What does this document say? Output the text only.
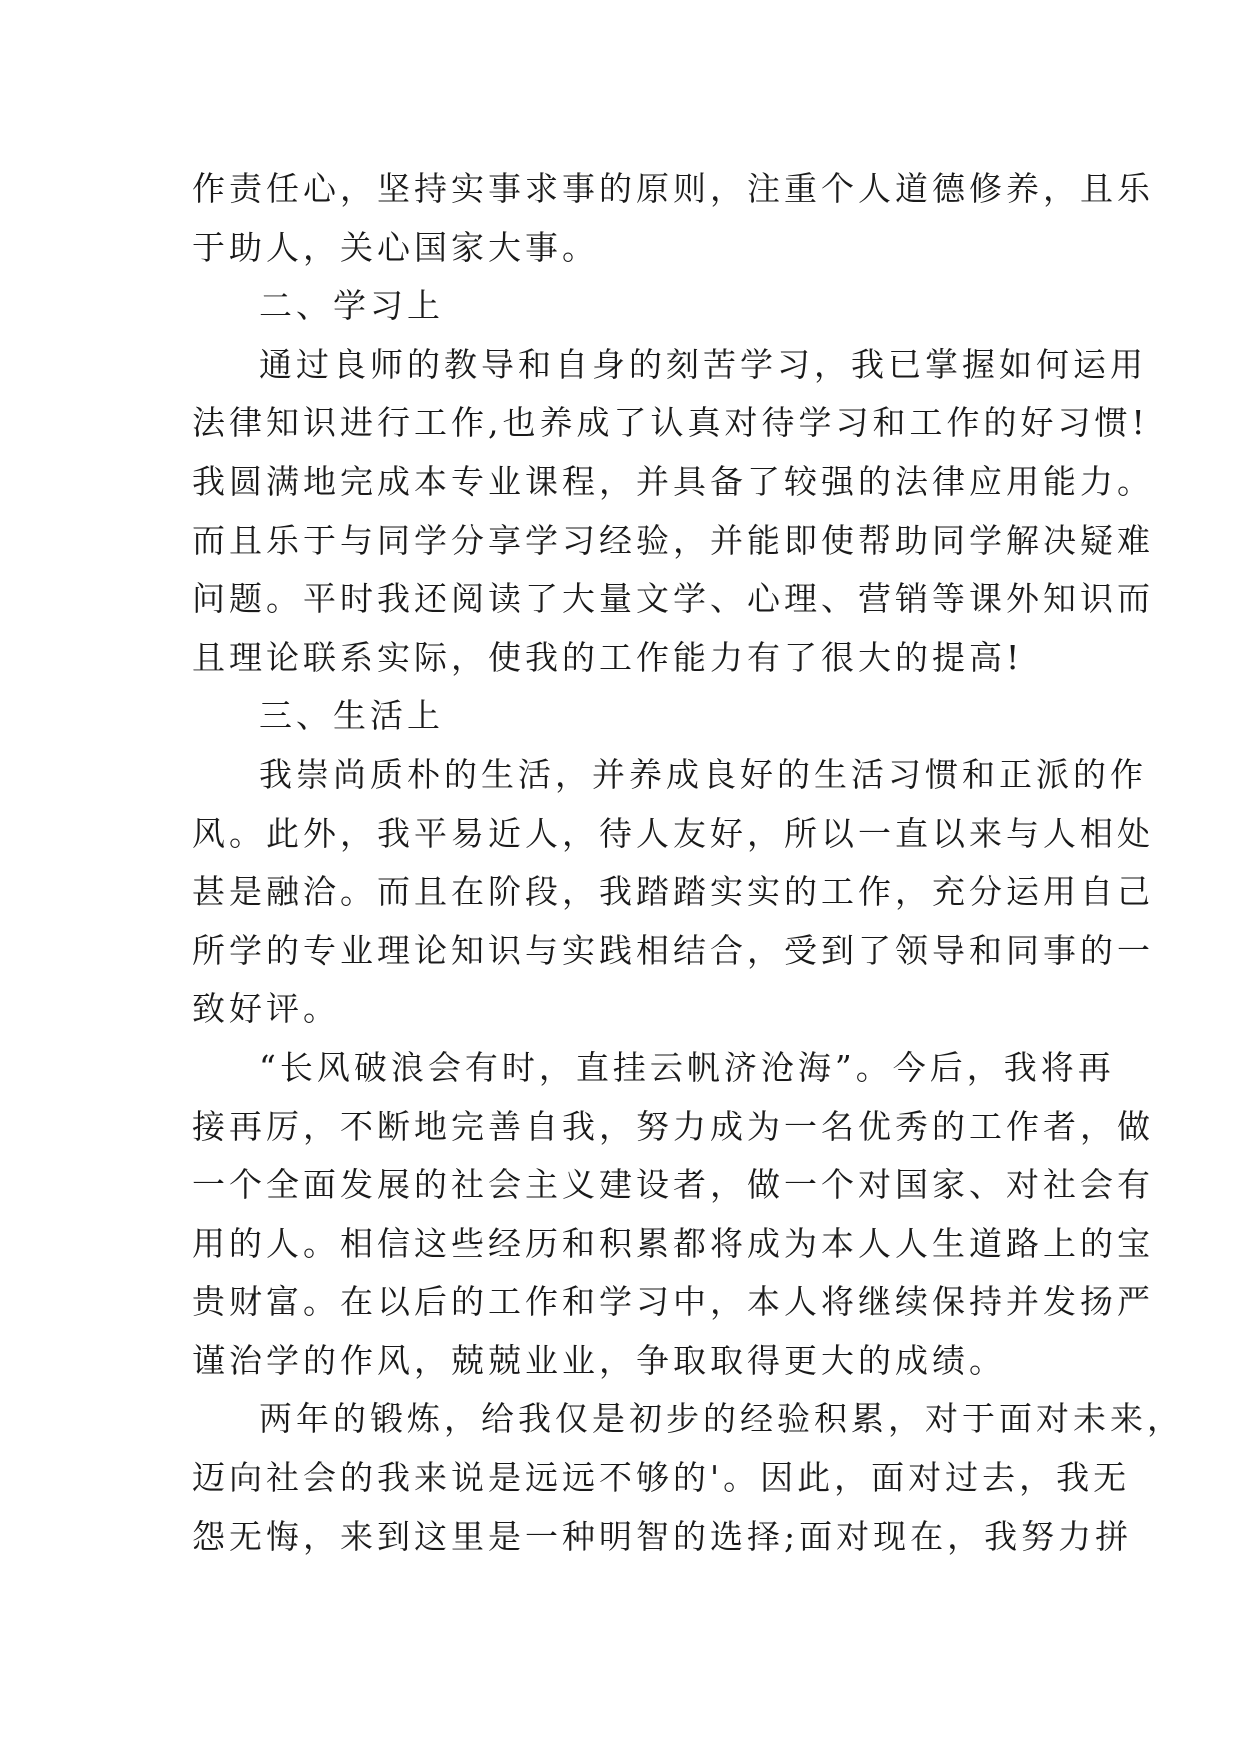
作责任心，坚持实事求事的原则，注重个人道德修养，且乐
于助人，关心国家大事。
二、学习上
通过良师的教导和自身的刻苦学习，我已掌握如何运用
法律知识进行工作,也养成了认真对待学习和工作的好习惯!
我圆满地完成本专业课程，并具备了较强的法律应用能力。
而且乐于与同学分享学习经验，并能即使帮助同学解决疑难
问题。平时我还阅读了大量文学、心理、营销等课外知识而
且理论联系实际，使我的工作能力有了很大的提高!
三、生活上
我崇尚质朴的生活，并养成良好的生活习惯和正派的作
风。此外，我平易近人，待人友好，所以一直以来与人相处
甚是融洽。而且在阶段，我踏踏实实的工作，充分运用自己
所学的专业理论知识与实践相结合，受到了领导和同事的一
致好评。
“长风破浪会有时，直挂云帆济沧海”。今后，我将再
接再厉，不断地完善自我，努力成为一名优秀的工作者，做
一个全面发展的社会主义建设者，做一个对国家、对社会有
用的人。相信这些经历和积累都将成为本人人生道路上的宝
贵财富。在以后的工作和学习中，本人将继续保持并发扬严
谨治学的作风，兢兢业业，争取取得更大的成绩。
两年的锻炼，给我仅是初步的经验积累，对于面对未来，
迈向社会的我来说是远远不够的'。因此，面对过去，我无
怨无悔，来到这里是一种明智的选择;面对现在，我努力拼
